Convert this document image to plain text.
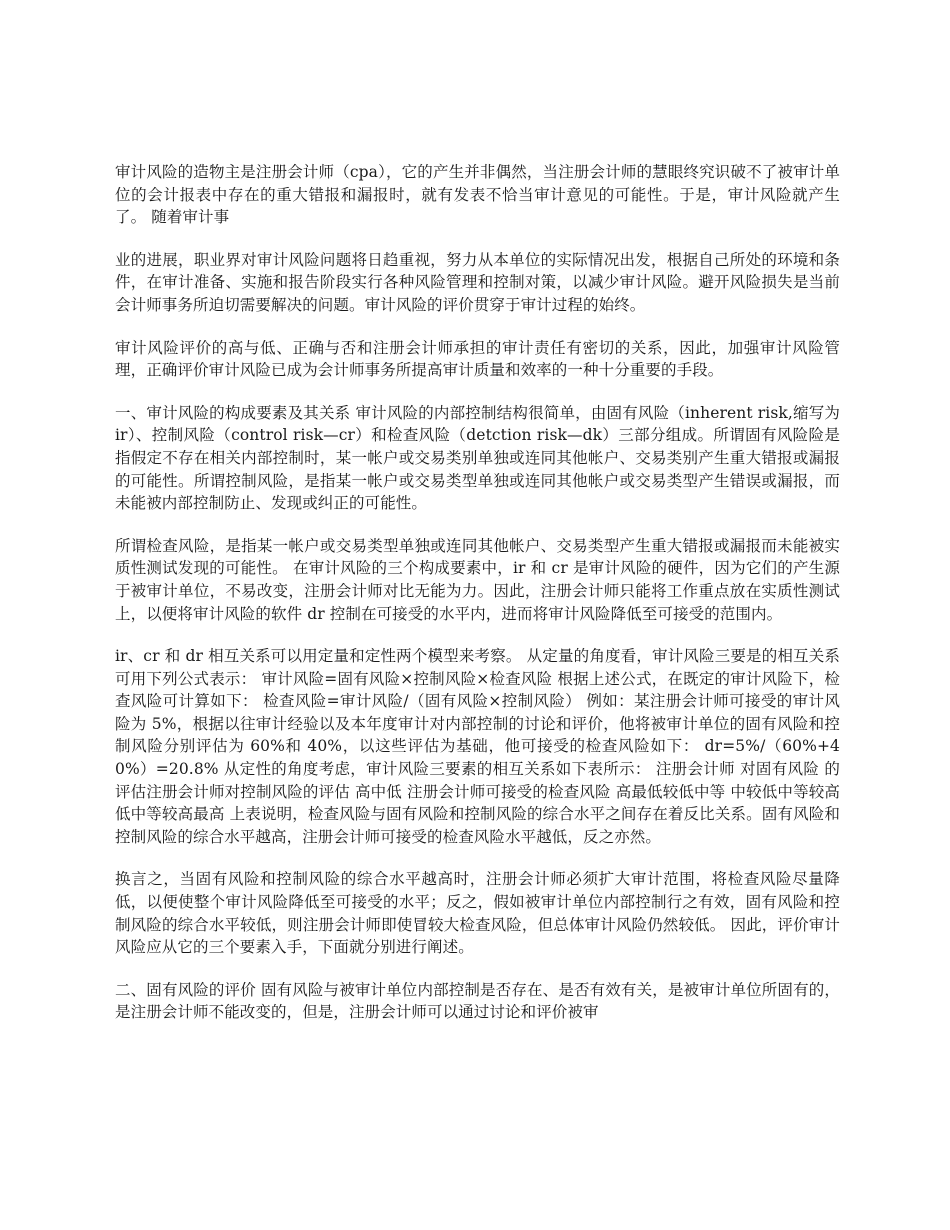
审计风险的造物主是注册会计师（cpa），它的产生并非偶然，当注册会计师的慧眼终究识破不了被审计单位的会计报表中存在的重大错报和漏报时，就有发表不恰当审计意见的可能性。于是，审计风险就产生了。 随着审计事

业的进展，职业界对审计风险问题将日趋重视，努力从本单位的实际情况出发，根据自己所处的环境和条件，在审计准备、实施和报告阶段实行各种风险管理和控制对策，以减少审计风险。避开风险损失是当前会计师事务所迫切需要解决的问题。审计风险的评价贯穿于审计过程的始终。

审计风险评价的高与低、正确与否和注册会计师承担的审计责任有密切的关系，因此，加强审计风险管理，正确评价审计风险已成为会计师事务所提高审计质量和效率的一种十分重要的手段。

一、审计风险的构成要素及其关系 审计风险的内部控制结构很简单，由固有风险（inherent risk,缩写为 ir）、控制风险（control risk—cr）和检查风险（detction risk—dk）三部分组成。所谓固有风险险是指假定不存在相关内部控制时，某一帐户或交易类别单独或连同其他帐户、交易类别产生重大错报或漏报的可能性。所谓控制风险，是指某一帐户或交易类型单独或连同其他帐户或交易类型产生错误或漏报，而未能被内部控制防止、发现或纠正的可能性。

所谓检查风险，是指某一帐户或交易类型单独或连同其他帐户、交易类型产生重大错报或漏报而未能被实质性测试发现的可能性。 在审计风险的三个构成要素中，ir 和 cr 是审计风险的硬件，因为它们的产生源于被审计单位，不易改变，注册会计师对比无能为力。因此，注册会计师只能将工作重点放在实质性测试上，以便将审计风险的软件 dr 控制在可接受的水平内，进而将审计风险降低至可接受的范围内。

ir、cr 和 dr 相互关系可以用定量和定性两个模型来考察。 从定量的角度看，审计风险三要是的相互关系可用下列公式表示： 审计风险=固有风险×控制风险×检查风险 根据上述公式，在既定的审计风险下，检查风险可计算如下： 检查风险=审计风险/（固有风险×控制风险） 例如：某注册会计师可接受的审计风险为 5%，根据以往审计经验以及本年度审计对内部控制的讨论和评价，他将被审计单位的固有风险和控制风险分别评估为 60%和 40%，以这些评估为基础，他可接受的检查风险如下： dr=5%/（60%+40%）=20.8% 从定性的角度考虑，审计风险三要素的相互关系如下表所示： 注册会计师 对固有风险 的评估注册会计师对控制风险的评估 高中低 注册会计师可接受的检查风险 高最低较低中等 中较低中等较高 低中等较高最高 上表说明，检查风险与固有风险和控制风险的综合水平之间存在着反比关系。固有风险和控制风险的综合水平越高，注册会计师可接受的检查风险水平越低，反之亦然。

换言之，当固有风险和控制风险的综合水平越高时，注册会计师必须扩大审计范围，将检查风险尽量降低，以便使整个审计风险降低至可接受的水平；反之，假如被审计单位内部控制行之有效，固有风险和控制风险的综合水平较低，则注册会计师即使冒较大检查风险，但总体审计风险仍然较低。 因此，评价审计风险应从它的三个要素入手，下面就分别进行阐述。

二、固有风险的评价 固有风险与被审计单位内部控制是否存在、是否有效有关，是被审计单位所固有的，是注册会计师不能改变的，但是，注册会计师可以通过讨论和评价被审
